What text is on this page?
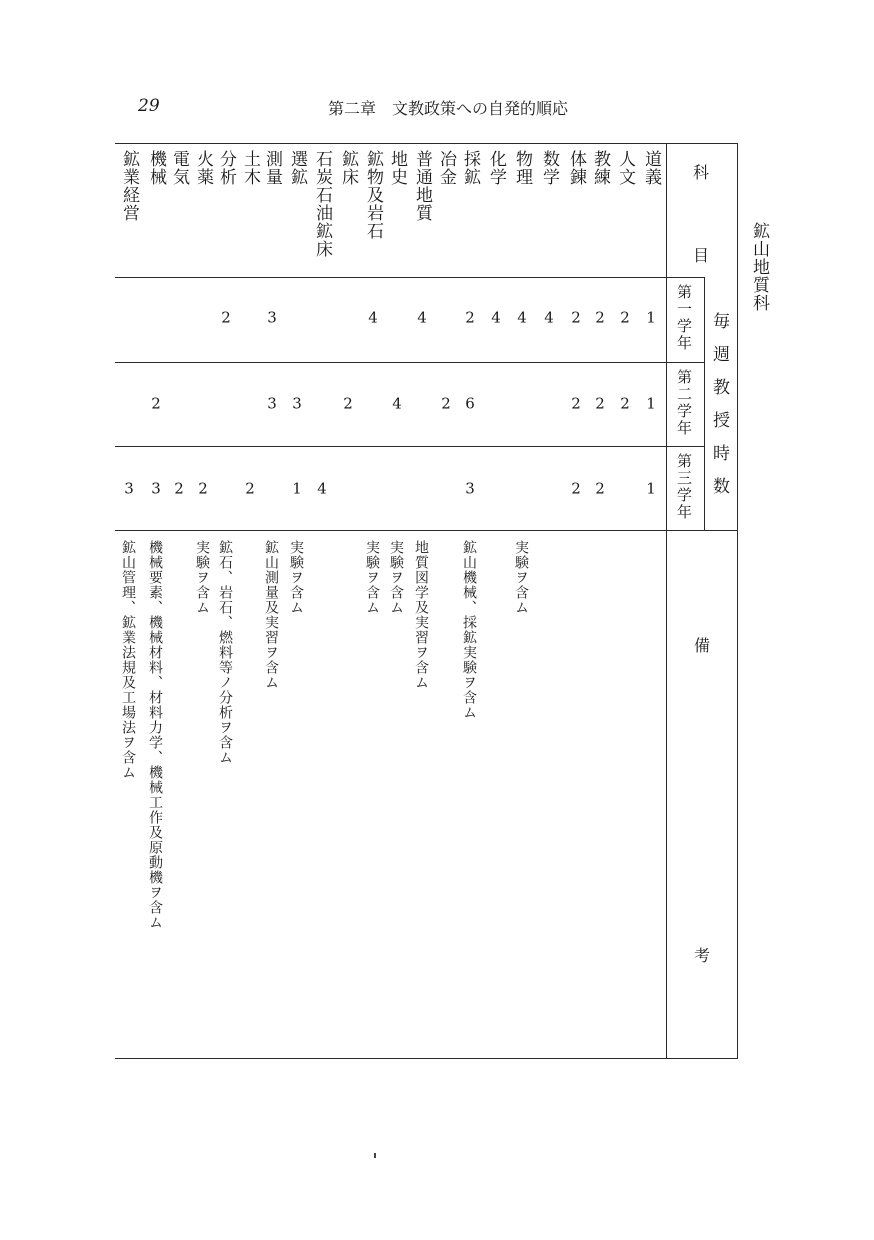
29	第二章　文教政策への自発的順応
鉱山地質科
科
目
毎週教授時数
第一学年
第二学年
第三学年
備
考
道義
1
1
1
人文
2
2
教練
2
2
2
体錬
2
2
2
数学
4
物理
4
実験ヲ含ム
化学
4
採鉱
2
6
3
鉱山機械、採鉱実験ヲ含ム
冶金
2
普通地質
4
地質図学及実習ヲ含ム
地史
4
実験ヲ含ム
鉱物及岩石
4
実験ヲ含ム
鉱床
2
石炭石油鉱床
4
選鉱
3
1
実験ヲ含ム
測量
3
3
鉱山測量及実習ヲ含ム
土木
2
分析
2
鉱石、岩石、燃料等ノ分析ヲ含ム
火薬
2
実験ヲ含ム
電気
2
機械
2
3
機械要素、機械材料、材料力学、機械工作及原動機ヲ含ム
鉱業経営
3
鉱山管理、鉱業法規及工場法ヲ含ム
